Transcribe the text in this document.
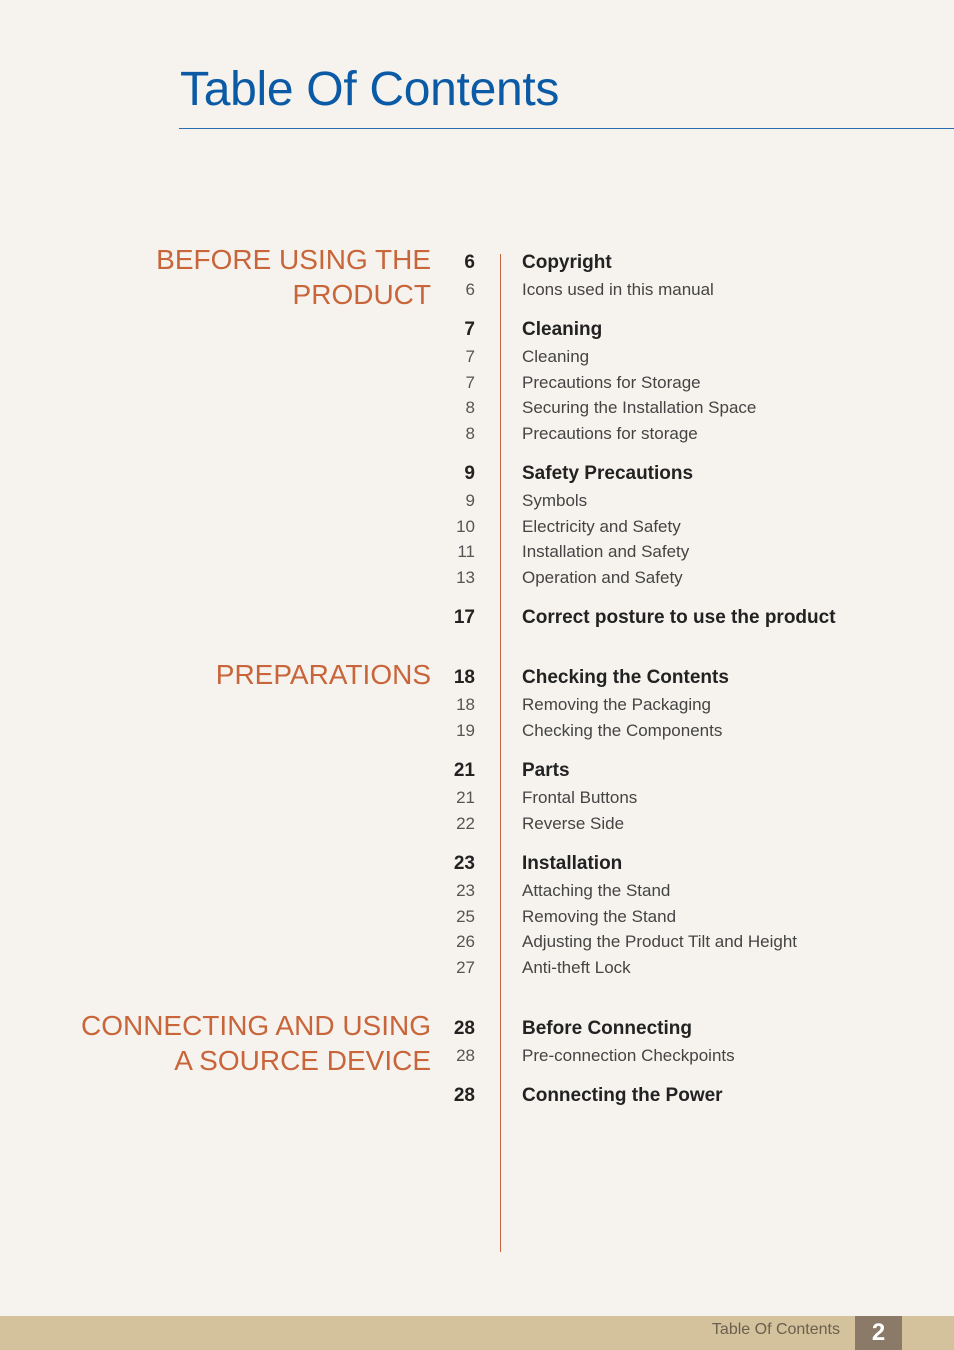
Table Of Contents
BEFORE USING THE
PRODUCT
6 Copyright
6	Icons used in this manual
7 Cleaning
7	Cleaning
7	Precautions for Storage
8	Securing the Installation Space
8	Precautions for storage
9 Safety Precautions
9	Symbols
10	Electricity and Safety
11	Installation and Safety
13	Operation and Safety
17 Correct posture to use the product
PREPARATIONS 18 Checking the Contents
18	Removing the Packaging
19	Checking the Components
21 Parts
21	Frontal Buttons
22	Reverse Side
23 Installation
23	Attaching the Stand
25	Removing the Stand
26	Adjusting the Product Tilt and Height
27	Anti-theft Lock
CONNECTING AND USING
A SOURCE DEVICE
28 Before Connecting
28	Pre-connection Checkpoints
28 Connecting the Power
Table Of Contents	2
